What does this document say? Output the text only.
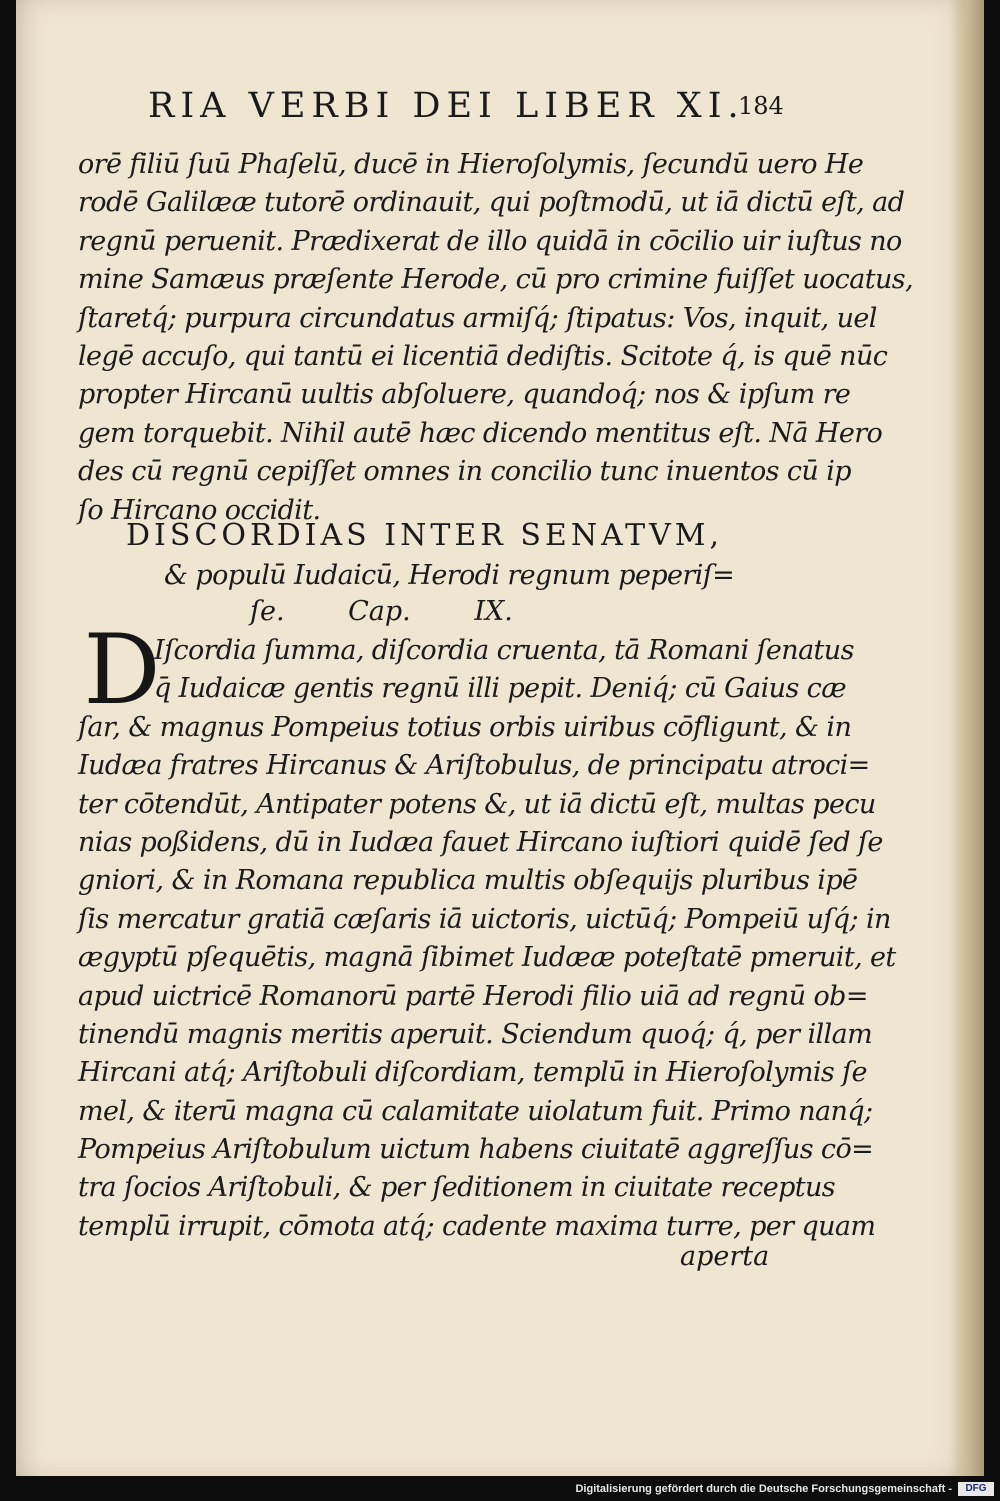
RIA VERBI DEI LIBER XI.
184
orē filiū ſuū Phaſelū, ducē in Hieroſolymis, ſecundū uero He
rodē Galilææ tutorē ordinauit, qui poſtmodū, ut iā dictū eſt, ad
regnū peruenit. Prædixerat de illo quidā in cōcilio uir iuſtus no
mine Samæus præſente Herode, cū pro crimine fuiſſet uocatus,
ſtaretq́; purpura circundatus armiſq́; ſtipatus: Vos, inquit, uel
legē accuſo, qui tantū ei licentiā dediſtis. Scitote q́, is quē nūc
propter Hircanū uultis abſoluere, quandoq́; nos & ipſum re
gem torquebit. Nihil autē hæc dicendo mentitus eſt. Nā Hero
des cū regnū cepiſſet omnes in concilio tunc inuentos cū ip
ſo Hircano occidit.
DISCORDIAS INTER SENATVM,
& populū Iudaicū, Herodi regnum peperiſ=
ſe. Cap. IX.
D
Iſcordia ſumma, diſcordia cruenta, tā Romani ſenatus
q̄ Iudaicæ gentis regnū illi pepit. Deniq́; cū Gaius cæ
ſar, & magnus Pompeius totius orbis uiribus cōfligunt, & in
Iudæa fratres Hircanus & Ariſtobulus, de principatu atroci=
ter cōtendūt, Antipater potens &, ut iā dictū eſt, multas pecu
nias poßidens, dū in Iudæa fauet Hircano iuſtiori quidē ſed ſe
gniori, & in Romana republica multis obſequijs pluribus ipē
ſis mercatur gratiā cæſaris iā uictoris, uictūq́; Pompeiū uſq́; in
ægyptū pſequētis, magnā ſibimet Iudææ poteſtatē pmeruit, et
apud uictricē Romanorū partē Herodi filio uiā ad regnū ob=
tinendū magnis meritis aperuit. Sciendum quoq́; q́, per illam
Hircani atq́; Ariſtobuli diſcordiam, templū in Hieroſolymis ſe
mel, & iterū magna cū calamitate uiolatum fuit. Primo nanq́;
Pompeius Ariſtobulum uictum habens ciuitatē aggreſſus cō=
tra ſocios Ariſtobuli, & per ſeditionem in ciuitate receptus
templū irrupit, cōmota atq́; cadente maxima turre, per quam
aperta
Digitalisierung gefördert durch die Deutsche Forschungsgemeinschaft -	DFG
